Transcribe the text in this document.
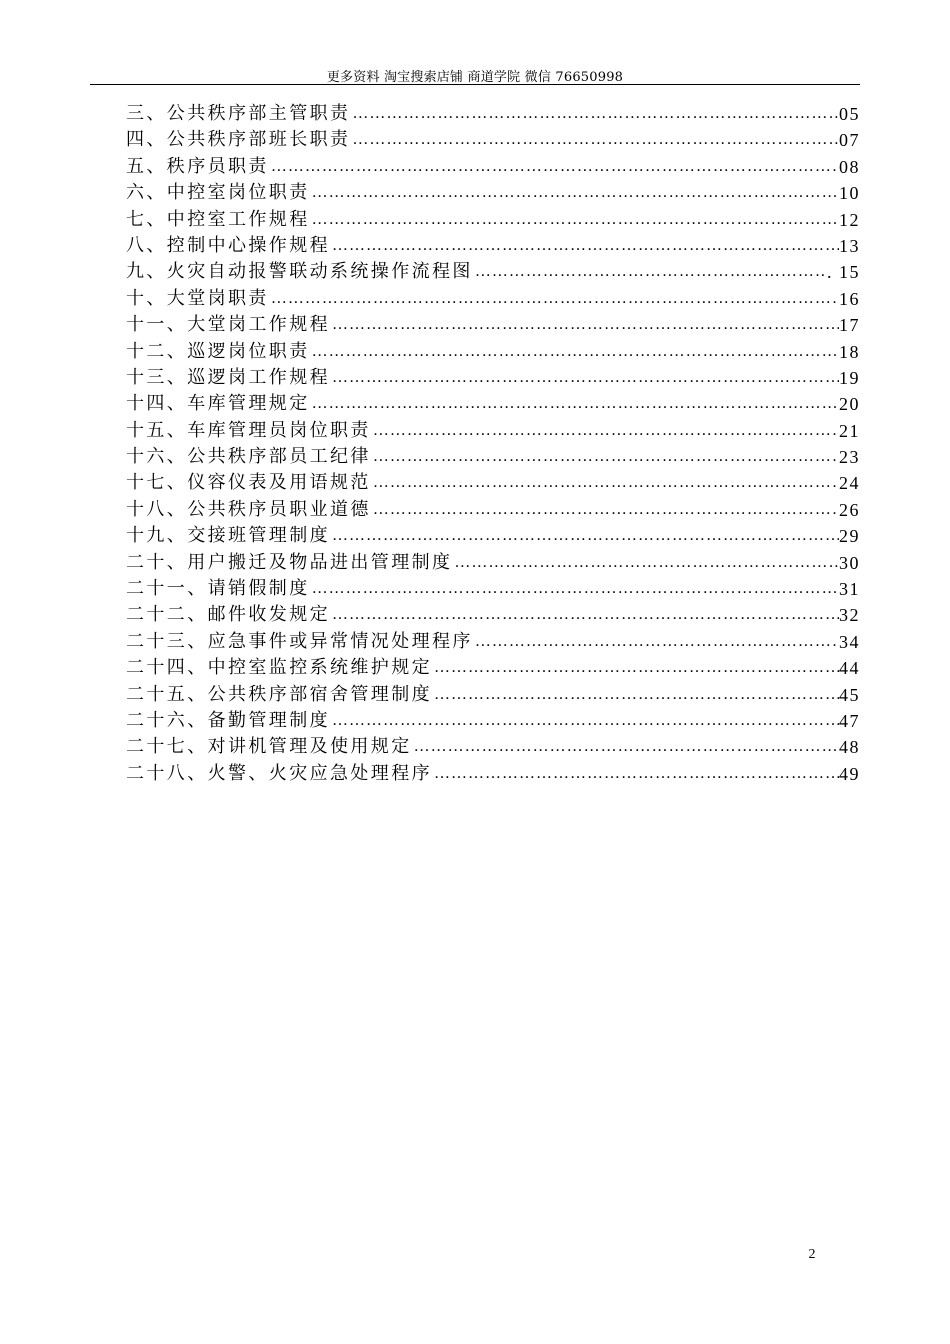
更多资料 淘宝搜索店铺 商道学院 微信 76650998
三、公共秩序部主管职责 …………………………………………………………………………………………………………………………………………………………………………	05
四、公共秩序部班长职责 …………………………………………………………………………………………………………………………………………………………………………	07
五、秩序员职责 …………………………………………………………………………………………………………………………………………………………………………	08
六、中控室岗位职责 …………………………………………………………………………………………………………………………………………………………………………	10
七、中控室工作规程 …………………………………………………………………………………………………………………………………………………………………………	12
八、控制中心操作规程 …………………………………………………………………………………………………………………………………………………………………………	13
九、火灾自动报警联动系统操作流程图 …………………………………………………………………………………………………………………………………………………………………………	. 15
十、大堂岗职责 …………………………………………………………………………………………………………………………………………………………………………	16
十一、大堂岗工作规程 …………………………………………………………………………………………………………………………………………………………………………	17
十二、巡逻岗位职责 …………………………………………………………………………………………………………………………………………………………………………	18
十三、巡逻岗工作规程 …………………………………………………………………………………………………………………………………………………………………………	19
十四、车库管理规定 …………………………………………………………………………………………………………………………………………………………………………	20
十五、车库管理员岗位职责 …………………………………………………………………………………………………………………………………………………………………………	21
十六、公共秩序部员工纪律 …………………………………………………………………………………………………………………………………………………………………………	23
十七、仪容仪表及用语规范 …………………………………………………………………………………………………………………………………………………………………………	24
十八、公共秩序员职业道德 …………………………………………………………………………………………………………………………………………………………………………	26
十九、交接班管理制度 …………………………………………………………………………………………………………………………………………………………………………	29
二十、用户搬迁及物品进出管理制度 …………………………………………………………………………………………………………………………………………………………………………	30
二十一、请销假制度 …………………………………………………………………………………………………………………………………………………………………………	31
二十二、邮件收发规定 …………………………………………………………………………………………………………………………………………………………………………	32
二十三、应急事件或异常情况处理程序 …………………………………………………………………………………………………………………………………………………………………………	34
二十四、中控室监控系统维护规定 …………………………………………………………………………………………………………………………………………………………………………	44
二十五、公共秩序部宿舍管理制度 …………………………………………………………………………………………………………………………………………………………………………	45
二十六、备勤管理制度 …………………………………………………………………………………………………………………………………………………………………………	47
二十七、对讲机管理及使用规定 …………………………………………………………………………………………………………………………………………………………………………	48
二十八、火警、火灾应急处理程序 …………………………………………………………………………………………………………………………………………………………………………	49
2
